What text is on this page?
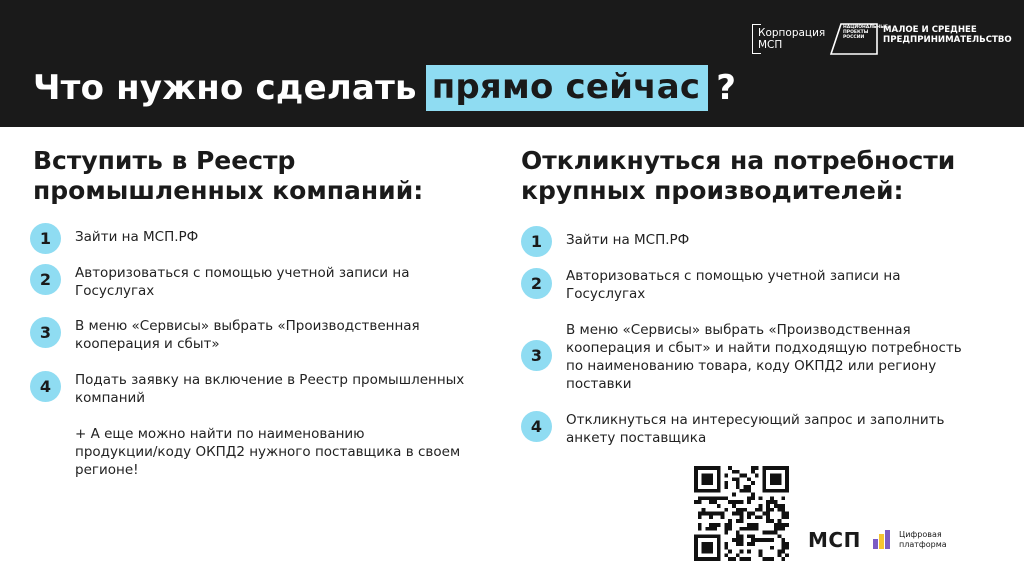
Корпорация
МСП
НАЦИОНАЛЬНЫЕ ПРОЕКТЫ РОССИИ
МАЛОЕ И СРЕДНЕЕ
ПРЕДПРИНИМАТЕЛЬСТВО
Что нужно сделать прямо сейчас ?
Вступить в Реестр
промышленных компаний:
1	Зайти на МСП.РФ
2	Авторизоваться с помощью учетной записи на
Госуслугах
3	В меню «Сервисы» выбрать «Производственная
кооперация и сбыт»
4	Подать заявку на включение в Реестр промышленных
компаний
+ А еще можно найти по наименованию
продукции/коду ОКПД2 нужного поставщика в своем
регионе!
Откликнуться на потребности
крупных производителей:
1	Зайти на МСП.РФ
2	Авторизоваться с помощью учетной записи на
Госуслугах
3
В меню «Сервисы» выбрать «Производственная
кооперация и сбыт» и найти подходящую потребность
по наименованию товара, коду ОКПД2 или региону
поставки
4	Откликнуться на интересующий запрос и заполнить
анкету поставщика
МСП	Цифровая
платформа
